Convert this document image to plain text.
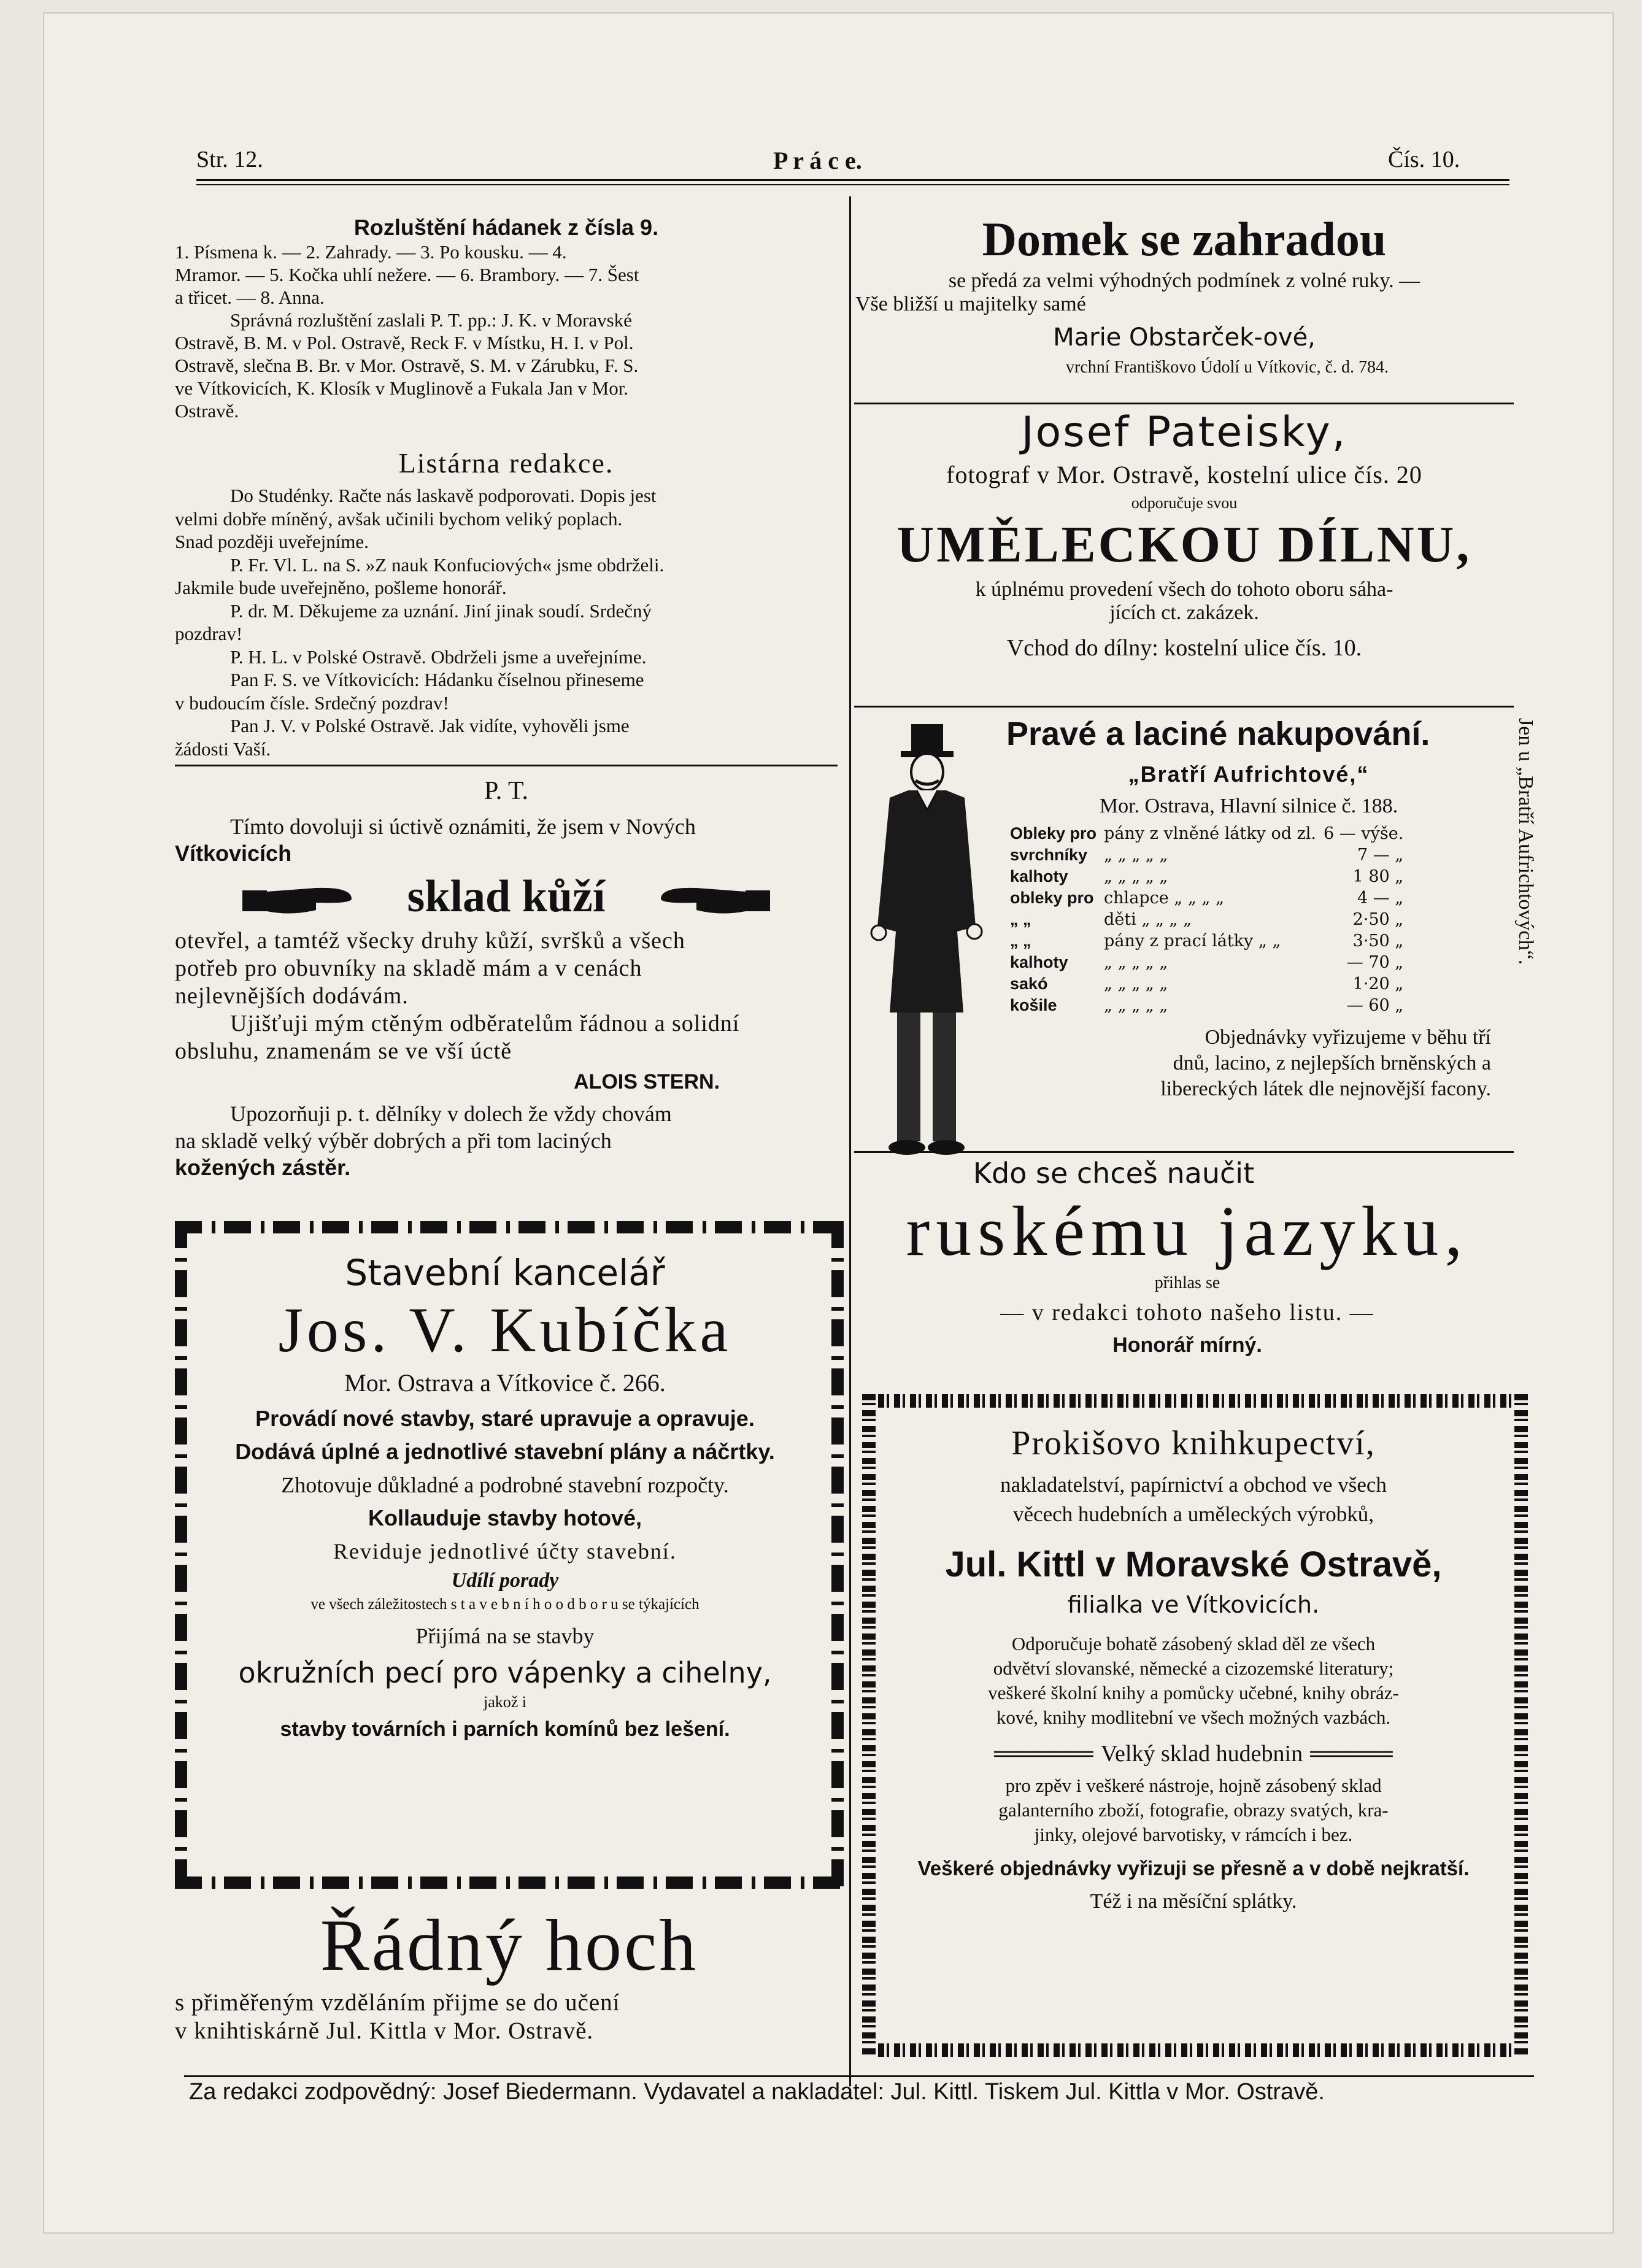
Str. 12.	P r á c e.	Čís. 10.
Rozluštění hádanek z čísla 9.
1. Písmena k. — 2. Zahrady. — 3. Po kousku. — 4.
Mramor. — 5. Kočka uhlí nežere. — 6. Brambory. — 7. Šest
a třicet. — 8. Anna.
Správná rozluštění zaslali P. T. pp.: J. K. v Moravské
Ostravě, B. M. v Pol. Ostravě, Reck F. v Místku, H. I. v Pol.
Ostravě, slečna B. Br. v Mor. Ostravě, S. M. v Zárubku, F. S.
ve Vítkovicích, K. Klosík v Muglinově a Fukala Jan v Mor.
Ostravě.
Listárna redakce.
Do Studénky. Račte nás laskavě podporovati. Dopis jest
velmi dobře míněný, avšak učinili bychom veliký poplach.
Snad později uveřejníme.
P. Fr. Vl. L. na S. »Z nauk Konfuciových« jsme obdrželi.
Jakmile bude uveřejněno, pošleme honorář.
P. dr. M. Děkujeme za uznání. Jiní jinak soudí. Srdečný
pozdrav!
P. H. L. v Polské Ostravě. Obdrželi jsme a uveřejníme.
Pan F. S. ve Vítkovicích: Hádanku číselnou přineseme
v budoucím čísle. Srdečný pozdrav!
Pan J. V. v Polské Ostravě. Jak vidíte, vyhověli jsme
žádosti Vaší.
P. T.
Tímto dovoluji si úctivě oznámiti, že jsem v Nových
Vítkovicích
sklad kůží
otevřel, a tamtéž všecky druhy kůží, svršků a všech
potřeb pro obuvníky na skladě mám a v cenách
nejlevnějších dodávám.
Ujišťuji mým ctěným odběratelům řádnou a solidní
obsluhu, znamenám se ve vší úctě
ALOIS STERN.
Upozorňuji p. t. dělníky v dolech že vždy chovám
na skladě velký výběr dobrých a při tom laciných
kožených zástěr.
Stavební kancelář
Jos. V. Kubíčka
Mor. Ostrava a Vítkovice č. 266.
Provádí nové stavby, staré upravuje a opravuje.
Dodává úplné a jednotlivé stavební plány a náčrtky.
Zhotovuje důkladné a podrobné stavební rozpočty.
Kollauduje stavby hotové,
Reviduje jednotlivé účty stavební.
Udílí porady
ve všech záležitostech s t a v e b n í h o o d b o r u se týkajících
Přijímá na se stavby
okružních pecí pro vápenky a cihelny,
jakož i
stavby továrních i parních komínů bez lešení.
Řádný hoch
s přiměřeným vzděláním přijme se do učení
v knihtiskárně Jul. Kittla v Mor. Ostravě.
Domek se zahradou
se předá za velmi výhodných podmínek z volné ruky. —
Vše bližší u majitelky samé
Marie Obstarček-ové,
vrchní Františkovo Údolí u Vítkovic, č. d. 784.
Josef Pateisky,
fotograf v Mor. Ostravě, kostelní ulice čís. 20
odporučuje svou
UMĚLECKOU DÍLNU,
k úplnému provedení všech do tohoto oboru sáha-
jících ct. zakázek.
Vchod do dílny: kostelní ulice čís. 10.
Pravé a laciné nakupování.
„Bratří Aufrichtové,“
Mor. Ostrava, Hlavní silnice č. 188.
Obleky pro	pány z vlněné látky od zl.	6 — výše.
svrchníky	„ „ „ „ „	7 — „
kalhoty	„ „ „ „ „	1 80 „
obleky pro	chlapce „ „ „ „	4 — „
„ „	děti „ „ „ „	2·50 „
„ „	pány z prací látky „ „	3·50 „
kalhoty	„ „ „ „ „	— 70 „
sakó	„ „ „ „ „	1·20 „
košile	„ „ „ „ „	— 60 „
Objednávky vyřizujeme v běhu tří
dnů, lacino, z nejlepších brněnských a
libereckých látek dle nejnovější facony.
Jen u „Bratří Aufrichtových“.
Kdo se chceš naučit
ruskému jazyku,
přihlas se
— v redakci tohoto našeho listu. —
Honorář mírný.
Prokišovo knihkupectví,
nakladatelství, papírnictví a obchod ve všech
věcech hudebních a uměleckých výrobků,
Jul. Kittl v Moravské Ostravě,
filialka ve Vítkovicích.
Odporučuje bohatě zásobený sklad děl ze všech
odvětví slovanské, německé a cizozemské literatury;
veškeré školní knihy a pomůcky učebné, knihy obráz-
kové, knihy modlitební ve všech možných vazbách.
══════ Velký sklad hudebnin ═════
pro zpěv i veškeré nástroje, hojně zásobený sklad
galanterního zboží, fotografie, obrazy svatých, kra-
jinky, olejové barvotisky, v rámcích i bez.
Veškeré objednávky vyřizuji se přesně a v době nejkratší.
Též i na měsíční splátky.
Za redakci zodpovědný: Josef Biedermann. Vydavatel a nakladatel: Jul. Kittl. Tiskem Jul. Kittla v Mor. Ostravě.
